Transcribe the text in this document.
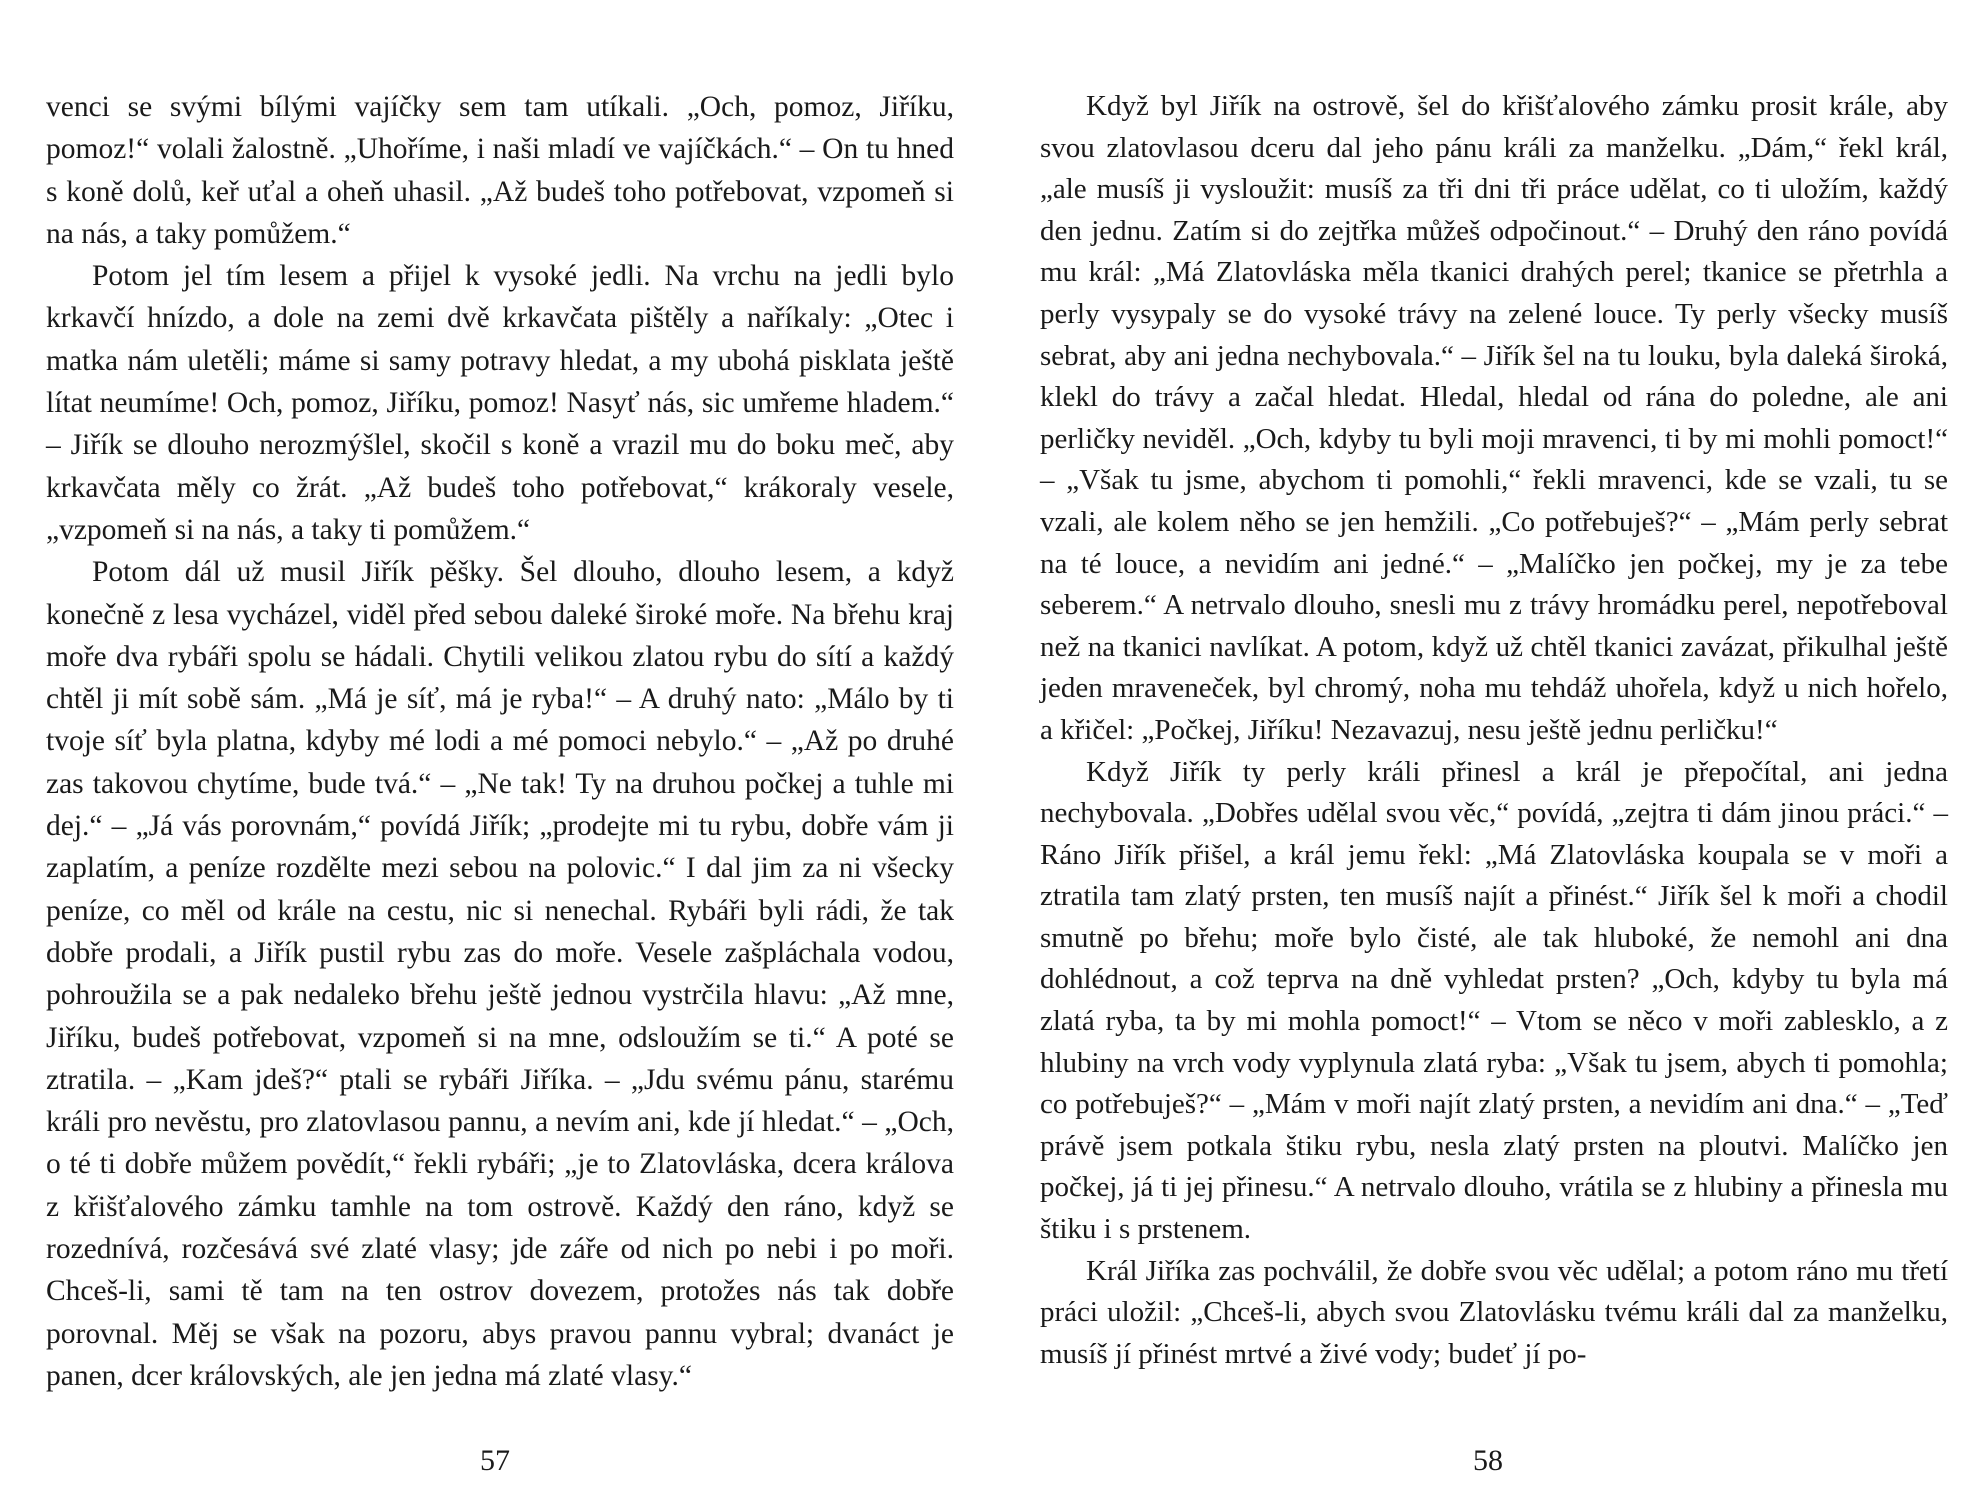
venci se svými bílými vajíčky sem tam utíkali. „Och, pomoz, Jiříku, pomoz!“ volali žalostně. „Uhoříme, i naši mladí ve vajíčkách.“ – On tu hned s koně dolů, keř uťal a oheň uhasil. „Až budeš toho potřebovat, vzpomeň si na nás, a taky pomůžem.“

Potom jel tím lesem a přijel k vysoké jedli. Na vrchu na jedli bylo krkavčí hnízdo, a dole na zemi dvě krkavčata pištěly a naříkaly: „Otec i matka nám uletěli; máme si samy potravy hledat, a my ubohá pisklata ještě lítat neumíme! Och, pomoz, Jiříku, pomoz! Nasyť nás, sic umřeme hladem.“ – Jiřík se dlouho nerozmýšlel, skočil s koně a vrazil mu do boku meč, aby krkavčata měly co žrát. „Až budeš toho potřebovat,“ krákoraly vesele, „vzpomeň si na nás, a taky ti pomůžem.“

Potom dál už musil Jiřík pěšky. Šel dlouho, dlouho lesem, a když konečně z lesa vycházel, viděl před sebou daleké široké moře. Na břehu kraj moře dva rybáři spolu se hádali. Chytili velikou zlatou rybu do sítí a každý chtěl ji mít sobě sám. „Má je síť, má je ryba!“ – A druhý nato: „Málo by ti tvoje síť byla platna, kdyby mé lodi a mé pomoci nebylo.“ – „Až po druhé zas takovou chytíme, bude tvá.“ – „Ne tak! Ty na druhou počkej a tuhle mi dej.“ – „Já vás porovnám,“ povídá Jiřík; „prodejte mi tu rybu, dobře vám ji zaplatím, a peníze rozdělte mezi sebou na polovic.“ I dal jim za ni všecky peníze, co měl od krále na cestu, nic si nenechal. Rybáři byli rádi, že tak dobře prodali, a Jiřík pustil rybu zas do moře. Vesele zašpláchala vodou, pohroužila se a pak nedaleko břehu ještě jednou vystrčila hlavu: „Až mne, Jiříku, budeš potřebovat, vzpomeň si na mne, odsloužím se ti.“ A poté se ztratila. – „Kam jdeš?“ ptali se rybáři Jiříka. – „Jdu svému pánu, starému králi pro nevěstu, pro zlatovlasou pannu, a nevím ani, kde jí hledat.“ – „Och, o té ti dobře můžem povědít,“ řekli rybáři; „je to Zlatovláska, dcera králova z křišťalového zámku tamhle na tom ostrově. Každý den ráno, když se rozednívá, rozčesává své zlaté vlasy; jde záře od nich po nebi i po moři. Chceš-li, sami tě tam na ten ostrov dovezem, protožes nás tak dobře porovnal. Měj se však na pozoru, abys pravou pannu vybral; dvanáct je panen, dcer královských, ale jen jedna má zlaté vlasy.“

Když byl Jiřík na ostrově, šel do křišťalového zámku prosit krále, aby svou zlatovlasou dceru dal jeho pánu králi za manželku. „Dám,“ řekl král, „ale musíš ji vysloužit: musíš za tři dni tři práce udělat, co ti uložím, každý den jednu. Zatím si do zejtřka můžeš odpočinout.“ – Druhý den ráno povídá mu král: „Má Zlatovláska měla tkanici drahých perel; tkanice se přetrhla a perly vysypaly se do vysoké trávy na zelené louce. Ty perly všecky musíš sebrat, aby ani jedna nechybovala.“ – Jiřík šel na tu louku, byla daleká široká, klekl do trávy a začal hledat. Hledal, hledal od rána do poledne, ale ani perličky neviděl. „Och, kdyby tu byli moji mravenci, ti by mi mohli pomoct!“ – „Však tu jsme, abychom ti pomohli,“ řekli mravenci, kde se vzali, tu se vzali, ale kolem něho se jen hemžili. „Co potřebuješ?“ – „Mám perly sebrat na té louce, a nevidím ani jedné.“ – „Malíčko jen počkej, my je za tebe seberem.“ A netrvalo dlouho, snesli mu z trávy hromádku perel, nepotřeboval než na tkanici navlíkat. A potom, když už chtěl tkanici zavázat, přikulhal ještě jeden mraveneček, byl chromý, noha mu tehdáž uhořela, když u nich hořelo, a křičel: „Počkej, Jiříku! Nezavazuj, nesu ještě jednu perličku!“

Když Jiřík ty perly králi přinesl a král je přepočítal, ani jedna nechybovala. „Dobřes udělal svou věc,“ povídá, „zejtra ti dám jinou práci.“ – Ráno Jiřík přišel, a král jemu řekl: „Má Zlatovláska koupala se v moři a ztratila tam zlatý prsten, ten musíš najít a přinést.“ Jiřík šel k moři a chodil smutně po břehu; moře bylo čisté, ale tak hluboké, že nemohl ani dna dohlédnout, a což teprva na dně vyhledat prsten? „Och, kdyby tu byla má zlatá ryba, ta by mi mohla pomoct!“ – Vtom se něco v moři zablesklo, a z hlubiny na vrch vody vyplynula zlatá ryba: „Však tu jsem, abych ti pomohla; co potřebuješ?“ – „Mám v moři najít zlatý prsten, a nevidím ani dna.“ – „Teď právě jsem potkala štiku rybu, nesla zlatý prsten na ploutvi. Malíčko jen počkej, já ti jej přinesu.“ A netrvalo dlouho, vrátila se z hlubiny a přinesla mu štiku i s prstenem.

Král Jiříka zas pochválil, že dobře svou věc udělal; a potom ráno mu třetí práci uložil: „Chceš-li, abych svou Zlatovlásku tvému králi dal za manželku, musíš jí přinést mrtvé a živé vody; budeť jí po-

57	58
